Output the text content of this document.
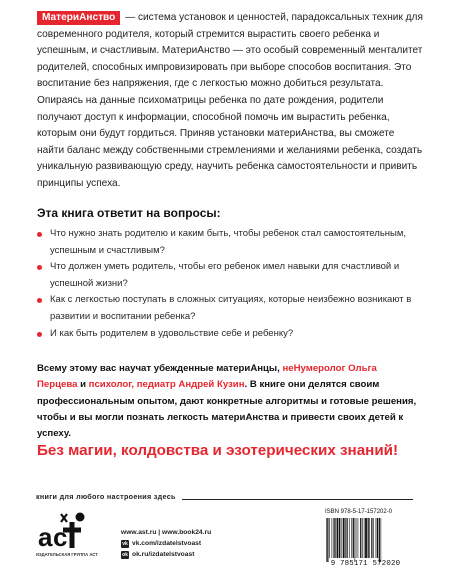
МатериАнство — система установок и ценностей, парадоксальных техник для современного родителя, который стремится вырастить своего ребенка и успешным, и счастливым. МатериАнство — это особый современный менталитет родителей, способных импровизировать при выборе способов воспитания. Это воспитание без напряжения, где с легкостью можно добиться результата.

Опираясь на данные психоматрицы ребенка по дате рождения, родители получают доступ к информации, способной помочь им вырастить ребенка, которым они будут гордиться. Приняв установки материАнства, вы сможете найти баланс между собственными стремлениями и желаниями ребенка, создать уникальную развивающую среду, научить ребенка самостоятельности и привить принципы успеха.

Эта книга ответит на вопросы:
Что нужно знать родителю и каким быть, чтобы ребенок стал самостоятельным, успешным и счастливым?
Что должен уметь родитель, чтобы его ребенок имел навыки для счастливой и успешной жизни?
Как с легкостью поступать в сложных ситуациях, которые неизбежно возникают в развитии и воспитании ребенка?
И как быть родителем в удовольствие себе и ребенку?
Всему этому вас научат убежденные материАнцы, неНумеролог Ольга Перцева и психолог, педиатр Андрей Кузин. В книге они делятся своим профессиональным опытом, дают конкретные алгоритмы и готовые решения, чтобы и вы могли познать легкость материАнства и привести своих детей к успеху.
Без магии, колдовства и эзотерических знаний!
книги для любого настроения здесь
a c
ИЗДАТЕЛЬСКАЯ ГРУППА АСТ
www.ast.ru | www.book24.ru
vk vk.com/izdatelstvoast
ok ok.ru/izdatelstvoast
ISBN 978-5-17-157202-0
9 785171 572020
